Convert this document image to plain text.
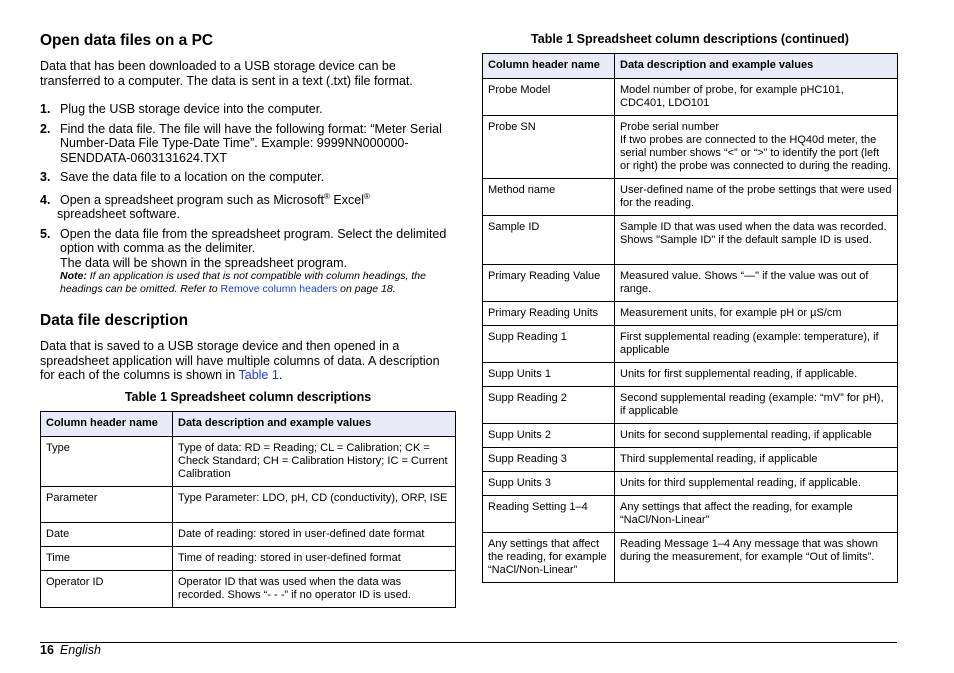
Open data files on a PC

Data that has been downloaded to a USB storage device can be transferred to a computer. The data is sent in a text (.txt) file format.

1. Plug the USB storage device into the computer.
2. Find the data file. The file will have the following format: “Meter Serial Number-Data File Type-Date Time”. Example: 9999NN000000-SENDDATA-0603131624.TXT
3. Save the data file to a location on the computer.
4. Open a spreadsheet program such as Microsoft® Excel®
spreadsheet software.
5. Open the data file from the spreadsheet program. Select the delimited option with comma as the delimiter.
The data will be shown in the spreadsheet program.
Note: If an application is used that is not compatible with column headings, the headings can be omitted. Refer to Remove column headers on page 18.
Data file description

Data that is saved to a USB storage device and then opened in a spreadsheet application will have multiple columns of data. A description for each of the columns is shown in Table 1.

Table 1 Spreadsheet column descriptions

Column header name	Data description and example values
Type	Type of data: RD = Reading; CL = Calibration; CK = Check Standard; CH = Calibration History; IC = Current Calibration
Parameter	Type Parameter: LDO, pH, CD (conductivity), ORP, ISE
Date	Date of reading: stored in user-defined date format
Time	Time of reading: stored in user-defined format
Operator ID	Operator ID that was used when the data was recorded. Shows “- - -” if no operator ID is used.

Table 1 Spreadsheet column descriptions (continued)

Column header name	Data description and example values
Probe Model	Model number of probe, for example pHC101, CDC401, LDO101
Probe SN	Probe serial number
If two probes are connected to the HQ40d meter, the serial number shows “<” or “>” to identify the port (left or right) the probe was connected to during the reading.
Method name	User-defined name of the probe settings that were used for the reading.
Sample ID	Sample ID that was used when the data was recorded. Shows "Sample ID" if the default sample ID is used.
Primary Reading Value	Measured value. Shows “—" if the value was out of range.
Primary Reading Units	Measurement units, for example pH or µS/cm
Supp Reading 1	First supplemental reading (example: temperature), if applicable
Supp Units 1	Units for first supplemental reading, if applicable.
Supp Reading 2	Second supplemental reading (example: “mV” for pH), if applicable
Supp Units 2	Units for second supplemental reading, if applicable
Supp Reading 3	Third supplemental reading, if applicable
Supp Units 3	Units for third supplemental reading, if applicable.
Reading Setting 1–4	Any settings that affect the reading, for example “NaCl/Non-Linear”
Any settings that affect the reading, for example “NaCl/Non-Linear”	Reading Message 1–4 Any message that was shown during the measurement, for example “Out of limits”.
16 English
